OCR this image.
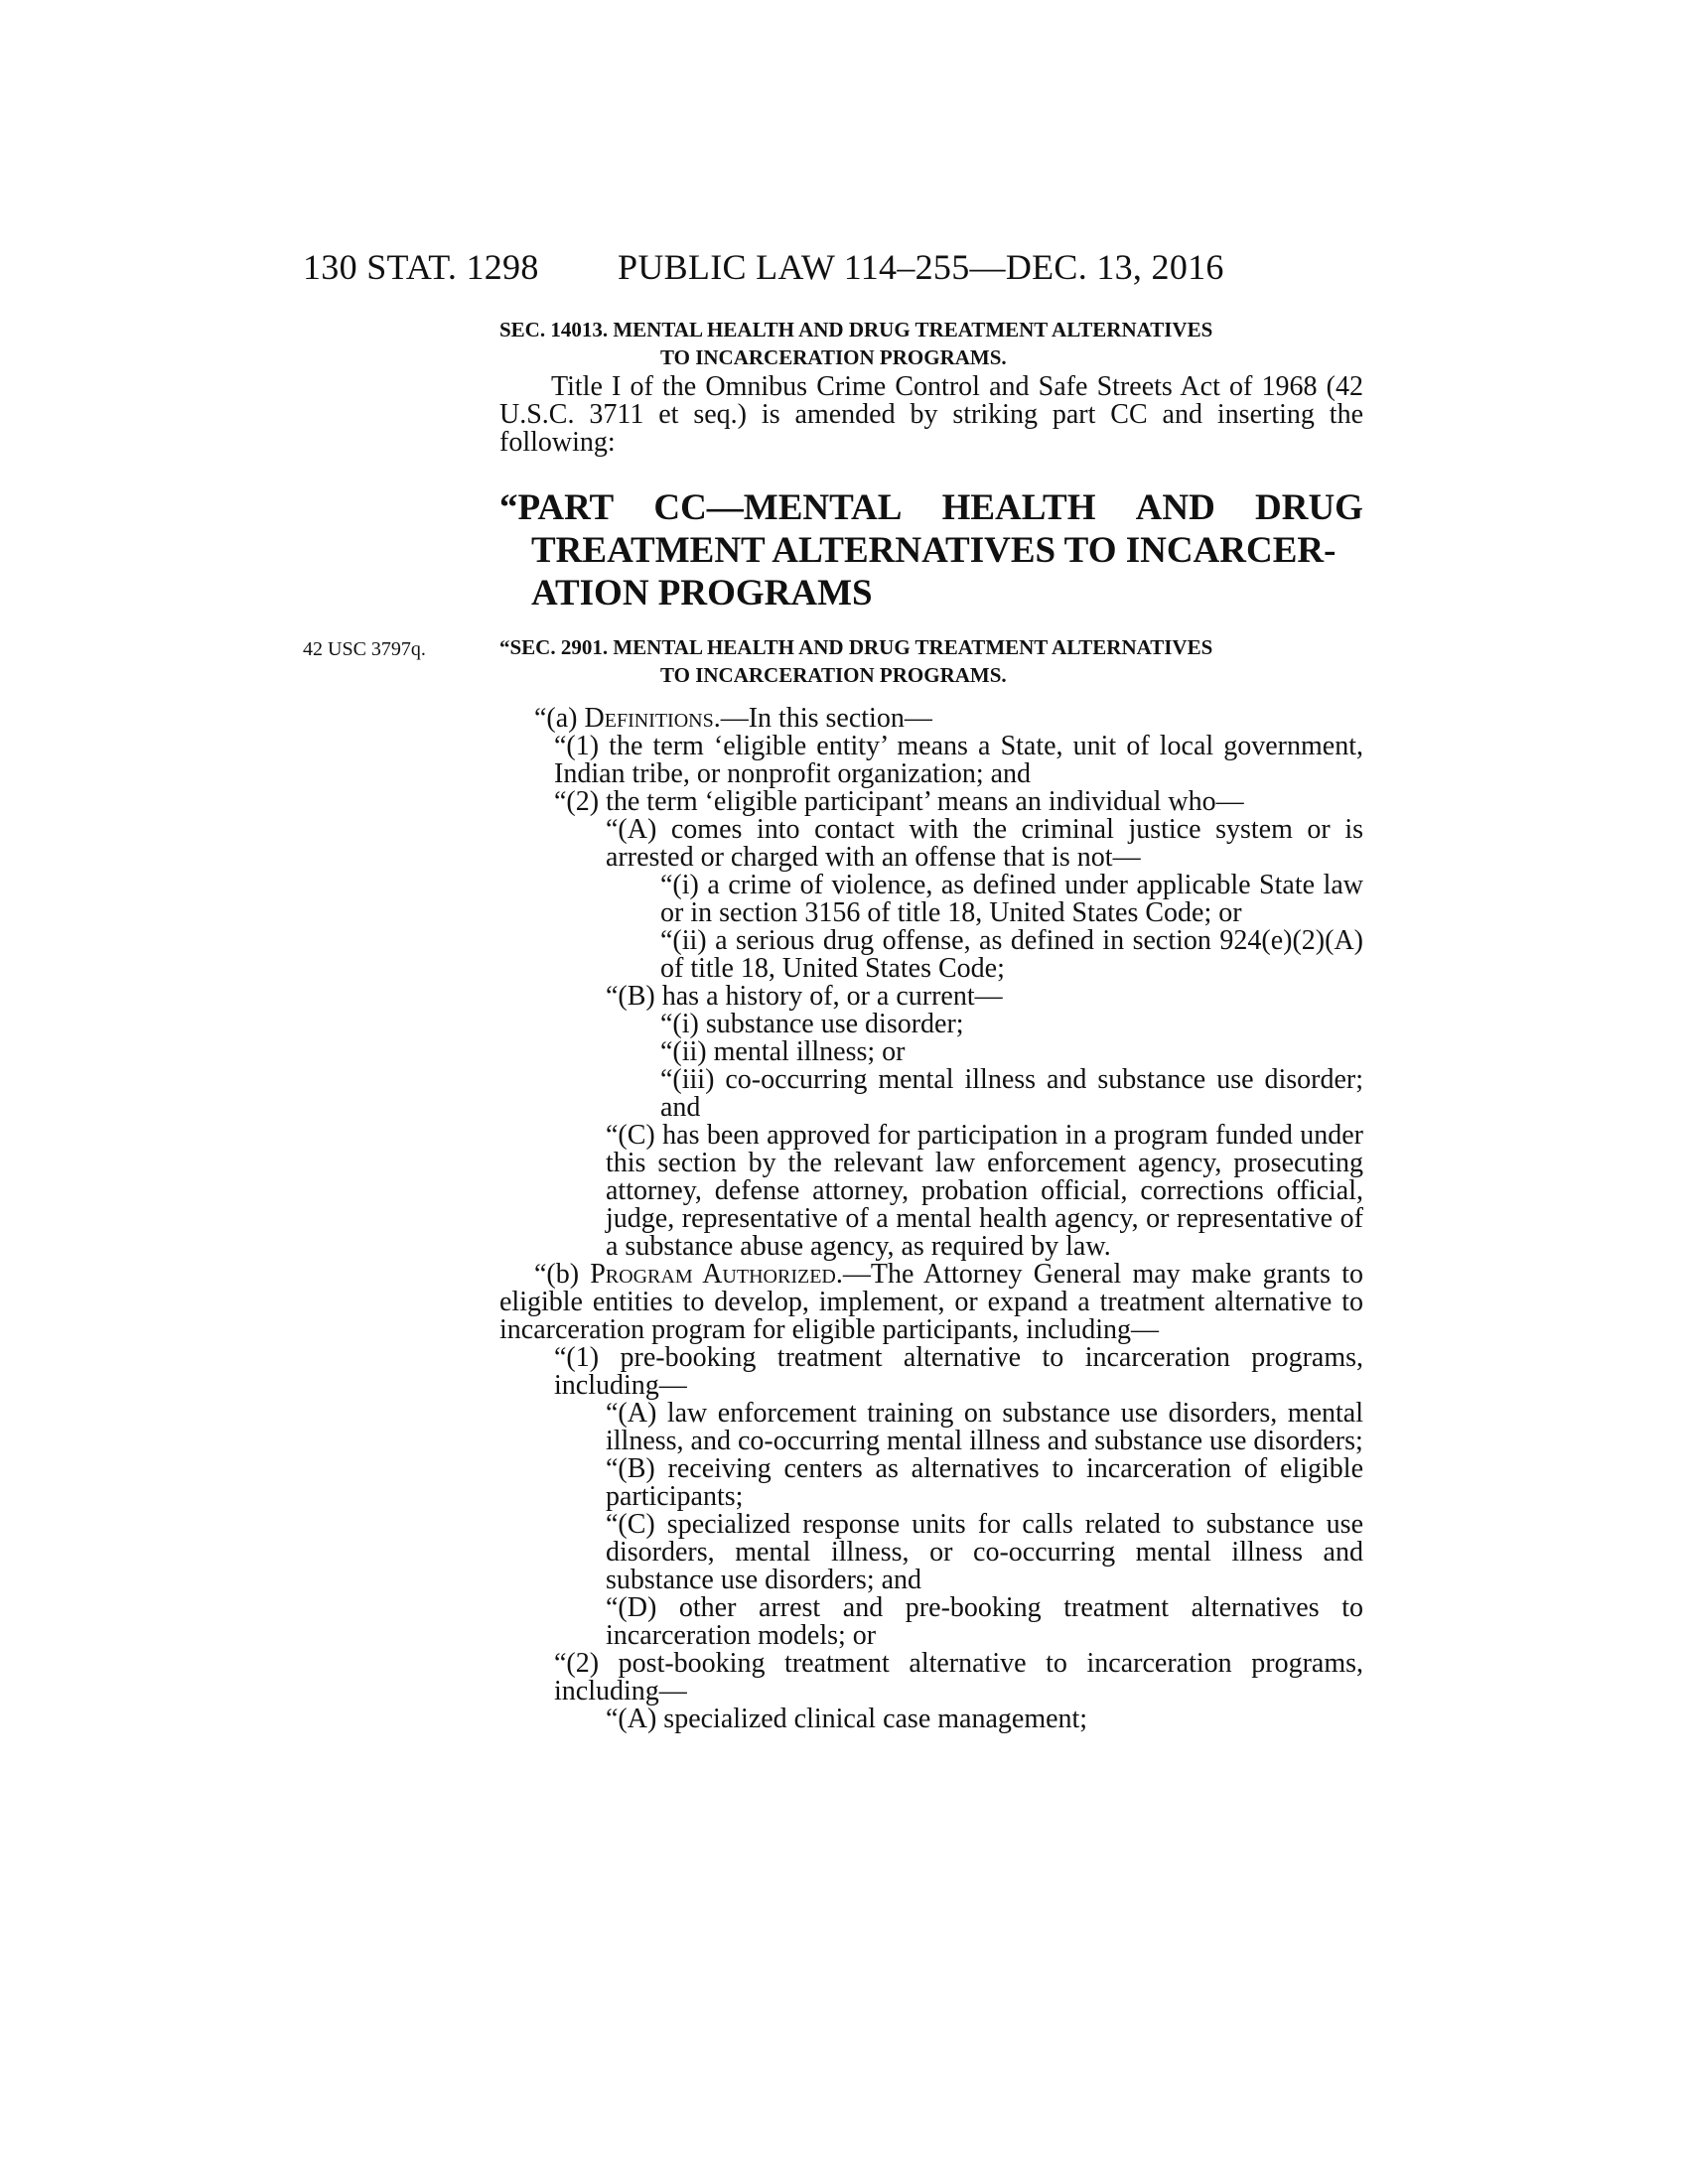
130 STAT. 1298 PUBLIC LAW 114–255—DEC. 13, 2016
SEC. 14013. MENTAL HEALTH AND DRUG TREATMENT ALTERNATIVES
TO INCARCERATION PROGRAMS.

Title I of the Omnibus Crime Control and Safe Streets Act of 1968 (42 U.S.C. 3711 et seq.) is amended by striking part CC and inserting the following:

“PART CC—MENTAL HEALTH AND DRUG
TREATMENT ALTERNATIVES TO INCARCER-
ATION PROGRAMS
42 USC 3797q.	“SEC. 2901. MENTAL HEALTH AND DRUG TREATMENT ALTERNATIVES
TO INCARCERATION PROGRAMS.

“(a) Definitions.—In this section—

“(1) the term ‘eligible entity’ means a State, unit of local government, Indian tribe, or nonprofit organization; and

“(2) the term ‘eligible participant’ means an individual who—

“(A) comes into contact with the criminal justice system or is arrested or charged with an offense that is not—

“(i) a crime of violence, as defined under applicable State law or in section 3156 of title 18, United States Code; or

“(ii) a serious drug offense, as defined in section 924(e)(2)(A) of title 18, United States Code;

“(B) has a history of, or a current—

“(i) substance use disorder;

“(ii) mental illness; or

“(iii) co-occurring mental illness and substance use disorder; and

“(C) has been approved for participation in a program funded under this section by the relevant law enforcement agency, prosecuting attorney, defense attorney, probation official, corrections official, judge, representative of a mental health agency, or representative of a substance abuse agency, as required by law.

“(b) Program Authorized.—The Attorney General may make grants to eligible entities to develop, implement, or expand a treatment alternative to incarceration program for eligible participants, including—

“(1) pre-booking treatment alternative to incarceration programs, including—

“(A) law enforcement training on substance use disorders, mental illness, and co-occurring mental illness and substance use disorders;

“(B) receiving centers as alternatives to incarceration of eligible participants;

“(C) specialized response units for calls related to substance use disorders, mental illness, or co-occurring mental illness and substance use disorders; and

“(D) other arrest and pre-booking treatment alternatives to incarceration models; or

“(2) post-booking treatment alternative to incarceration programs, including—

“(A) specialized clinical case management;
